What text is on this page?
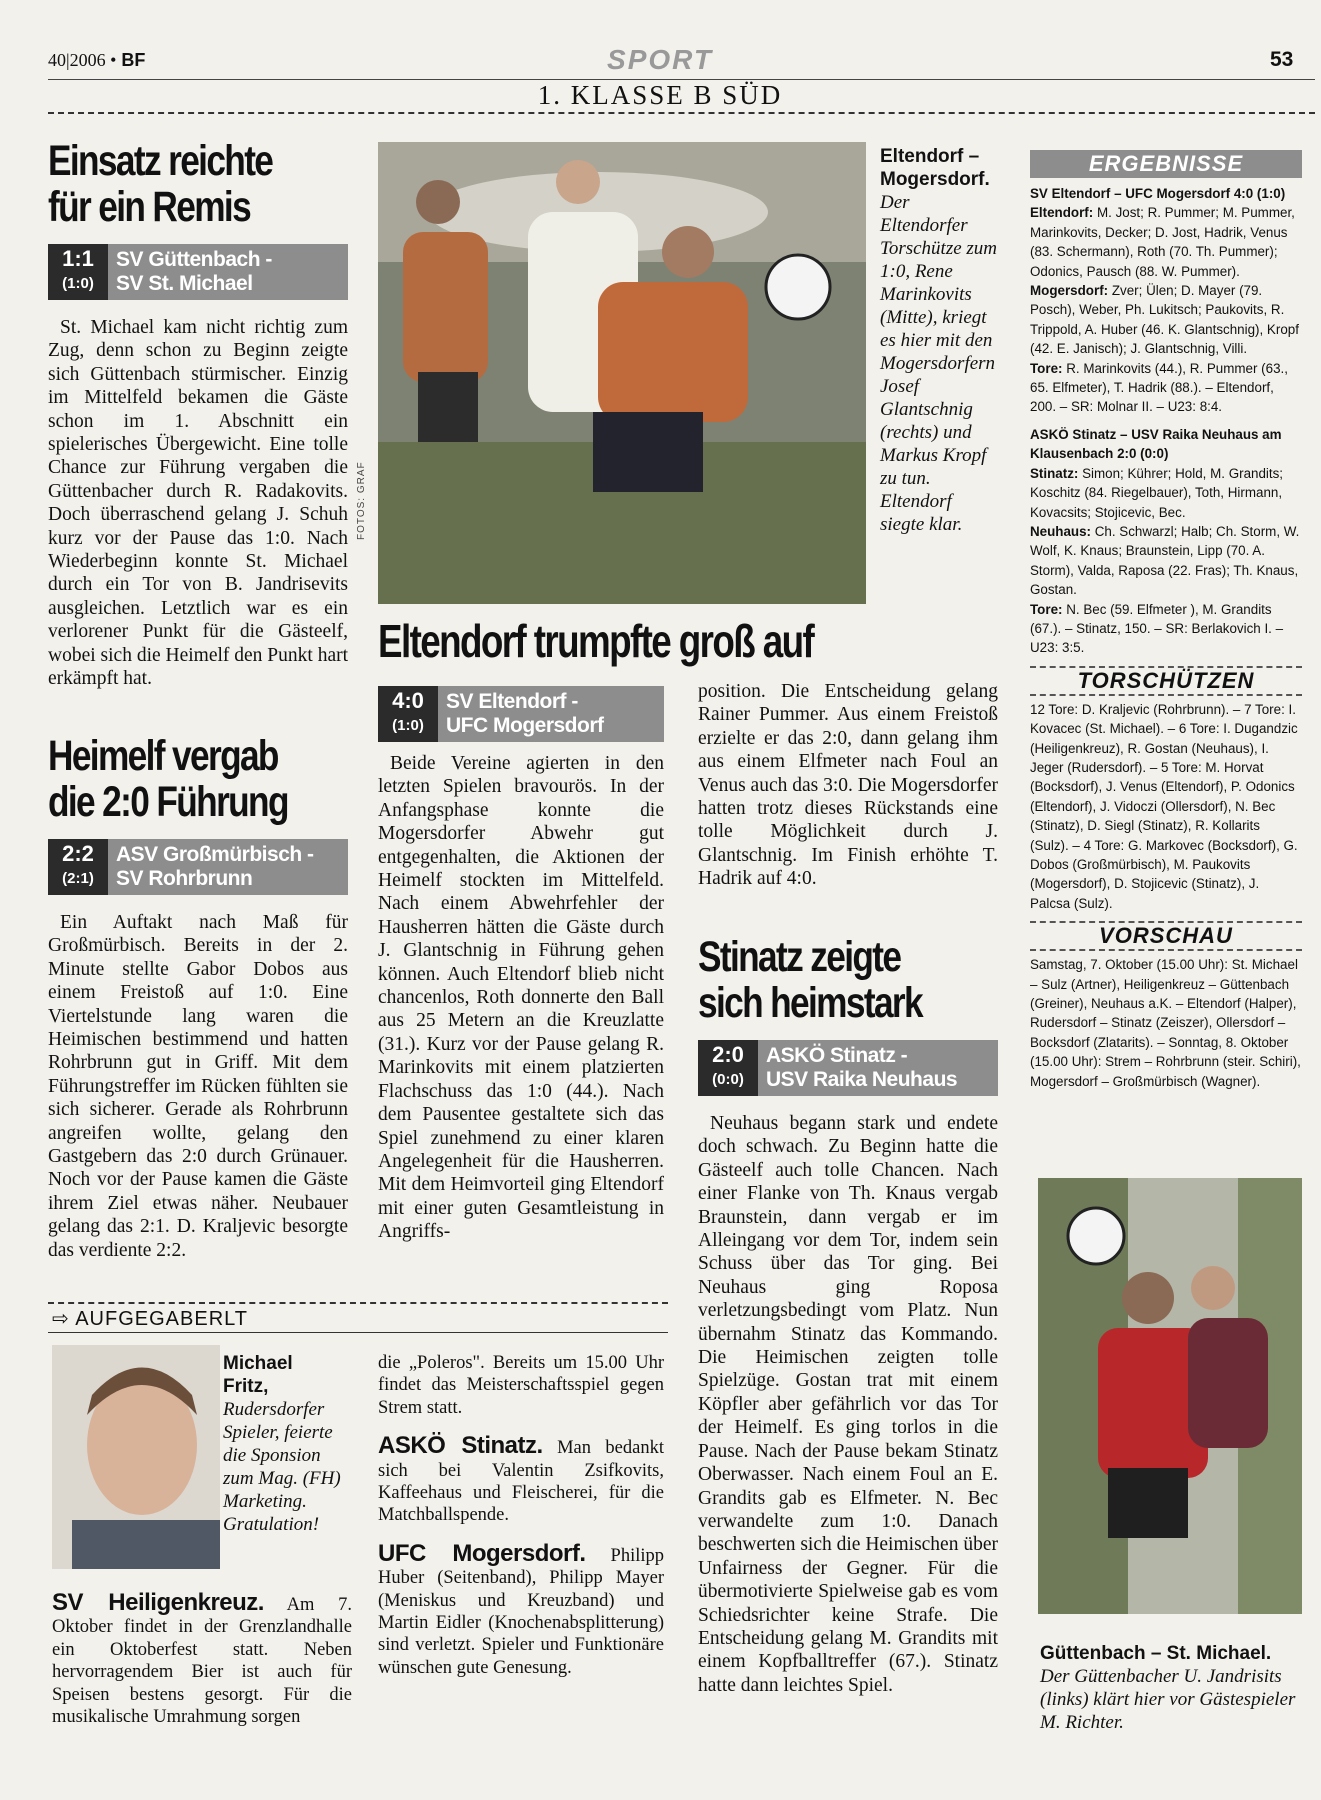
40|2006 • BF	SPORT	53
1. KLASSE B SÜD
Einsatz reichte
für ein Remis
1:1
(1:0)
SV Güttenbach -
SV St. Michael

St. Michael kam nicht richtig zum Zug, denn schon zu Beginn zeigte sich Güttenbach stürmischer. Einzig im Mittelfeld bekamen die Gäste schon im 1. Abschnitt ein spielerisches Übergewicht. Eine tolle Chance zur Führung vergaben die Güttenbacher durch R. Radakovits. Doch überraschend gelang J. Schuh kurz vor der Pause das 1:0. Nach Wiederbeginn konnte St. Michael durch ein Tor von B. Jandrisevits ausgleichen. Letztlich war es ein verlorener Punkt für die Gästeelf, wobei sich die Heimelf den Punkt hart erkämpft hat.

Heimelf vergab
die 2:0 Führung
2:2
(2:1)
ASV Großmürbisch -
SV Rohrbrunn

Ein Auftakt nach Maß für Großmürbisch. Bereits in der 2. Minute stellte Gabor Dobos aus einem Freistoß auf 1:0. Eine Viertelstunde lang waren die Heimischen bestimmend und hatten Rohrbrunn gut in Griff. Mit dem Führungstreffer im Rücken fühlten sie sich sicherer. Gerade als Rohrbrunn angreifen wollte, gelang den Gastgebern das 2:0 durch Grünauer. Noch vor der Pause kamen die Gäste ihrem Ziel etwas näher. Neubauer gelang das 2:1. D. Kraljevic besorgte das verdiente 2:2.

FOTOS: GRAF
Eltendorf – Mogersdorf. Der Eltendorfer Torschütze zum 1:0, Rene Marinkovits (Mitte), kriegt es hier mit den Mogersdorfern Josef Glantschnig (rechts) und Markus Kropf zu tun. Eltendorf siegte klar.
Eltendorf trumpfte groß auf
4:0
(1:0)
SV Eltendorf -
UFC Mogersdorf

Beide Vereine agierten in den letzten Spielen bravourös. In der Anfangsphase konnte die Mogersdorfer Abwehr gut entgegenhalten, die Aktionen der Heimelf stockten im Mittelfeld. Nach einem Abwehrfehler der Hausherren hätten die Gäste durch J. Glantschnig in Führung gehen können. Auch Eltendorf blieb nicht chancenlos, Roth donnerte den Ball aus 25 Metern an die Kreuzlatte (31.). Kurz vor der Pause gelang R. Marinkovits mit einem platzierten Flachschuss das 1:0 (44.). Nach dem Pausentee gestaltete sich das Spiel zunehmend zu einer klaren Angelegenheit für die Hausherren. Mit dem Heimvorteil ging Eltendorf mit einer guten Gesamtleistung in Angriffs-

position. Die Entscheidung gelang Rainer Pummer. Aus einem Freistoß erzielte er das 2:0, dann gelang ihm aus einem Elfmeter nach Foul an Venus auch das 3:0. Die Mogersdorfer hatten trotz dieses Rückstands eine tolle Möglichkeit durch J. Glantschnig. Im Finish erhöhte T. Hadrik auf 4:0.

Stinatz zeigte
sich heimstark
2:0
(0:0)
ASKÖ Stinatz -
USV Raika Neuhaus

Neuhaus begann stark und endete doch schwach. Zu Beginn hatte die Gästeelf auch tolle Chancen. Nach einer Flanke von Th. Knaus vergab Braunstein, dann vergab er im Alleingang vor dem Tor, indem sein Schuss über das Tor ging. Bei Neuhaus ging Roposa verletzungsbedingt vom Platz. Nun übernahm Stinatz das Kommando. Die Heimischen zeigten tolle Spielzüge. Gostan trat mit einem Köpfler aber gefährlich vor das Tor der Heimelf. Es ging torlos in die Pause. Nach der Pause bekam Stinatz Oberwasser. Nach einem Foul an E. Grandits gab es Elfmeter. N. Bec verwandelte zum 1:0. Danach beschwerten sich die Heimischen über Unfairness der Gegner. Für die übermotivierte Spielweise gab es vom Schiedsrichter keine Strafe. Die Entscheidung gelang M. Grandits mit einem Kopfballtreffer (67.). Stinatz hatte dann leichtes Spiel.

⇨ AUFGEGABERLT
Michael Fritz, Rudersdorfer Spieler, feierte die Sponsion zum Mag. (FH) Marketing. Gratulation!
SV Heiligenkreuz. Am 7. Oktober findet in der Grenzlandhalle ein Oktoberfest statt. Neben hervorragendem Bier ist auch für Speisen bestens gesorgt. Für die musikalische Umrahmung sorgen

die „Poleros". Bereits um 15.00 Uhr findet das Meisterschaftsspiel gegen Strem statt.

ASKÖ Stinatz. Man bedankt sich bei Valentin Zsifkovits, Kaffeehaus und Fleischerei, für die Matchballspende.

UFC Mogersdorf. Philipp Huber (Seitenband), Philipp Mayer (Meniskus und Kreuzband) und Martin Eidler (Knochenabsplitterung) sind verletzt. Spieler und Funktionäre wünschen gute Genesung.

ERGEBNISSE

SV Eltendorf – UFC Mogersdorf 4:0 (1:0)
Eltendorf: M. Jost; R. Pummer; M. Pummer, Marinkovits, Decker; D. Jost, Hadrik, Venus (83. Schermann), Roth (70. Th. Pummer); Odonics, Pausch (88. W. Pummer).
Mogersdorf: Zver; Ülen; D. Mayer (79. Posch), Weber, Ph. Lukitsch; Paukovits, R. Trippold, A. Huber (46. K. Glantschnig), Kropf (42. E. Janisch); J. Glantschnig, Villi.
Tore: R. Marinkovits (44.), R. Pummer (63., 65. Elfmeter), T. Hadrik (88.). – Eltendorf, 200. – SR: Molnar II. – U23: 8:4.

ASKÖ Stinatz – USV Raika Neuhaus am Klausenbach 2:0 (0:0)
Stinatz: Simon; Kührer; Hold, M. Grandits; Koschitz (84. Riegelbauer), Toth, Hirmann, Kovacsits; Stojicevic, Bec.
Neuhaus: Ch. Schwarzl; Halb; Ch. Storm, W. Wolf, K. Knaus; Braunstein, Lipp (70. A. Storm), Valda, Raposa (22. Fras); Th. Knaus, Gostan.
Tore: N. Bec (59. Elfmeter ), M. Grandits (67.). – Stinatz, 150. – SR: Berlakovich I. – U23: 3:5.

TORSCHÜTZEN
12 Tore: D. Kraljevic (Rohrbrunn). – 7 Tore: I. Kovacec (St. Michael). – 6 Tore: I. Dugandzic (Heiligenkreuz), R. Gostan (Neuhaus), I. Jeger (Rudersdorf). – 5 Tore: M. Horvat (Bocksdorf), J. Venus (Eltendorf), P. Odonics (Eltendorf), J. Vidoczi (Ollersdorf), N. Bec (Stinatz), D. Siegl (Stinatz), R. Kollarits (Sulz). – 4 Tore: G. Markovec (Bocksdorf), G. Dobos (Großmürbisch), M. Paukovits (Mogersdorf), D. Stojicevic (Stinatz), J. Palcsa (Sulz).
VORSCHAU
Samstag, 7. Oktober (15.00 Uhr): St. Michael – Sulz (Artner), Heiligenkreuz – Güttenbach (Greiner), Neuhaus a.K. – Eltendorf (Halper), Rudersdorf – Stinatz (Zeiszer), Ollersdorf – Bocksdorf (Zlatarits). – Sonntag, 8. Oktober (15.00 Uhr): Strem – Rohrbrunn (steir. Schiri), Mogersdorf – Großmürbisch (Wagner).
Güttenbach – St. Michael. Der Güttenbacher U. Jandrisits (links) klärt hier vor Gästespieler M. Richter.
